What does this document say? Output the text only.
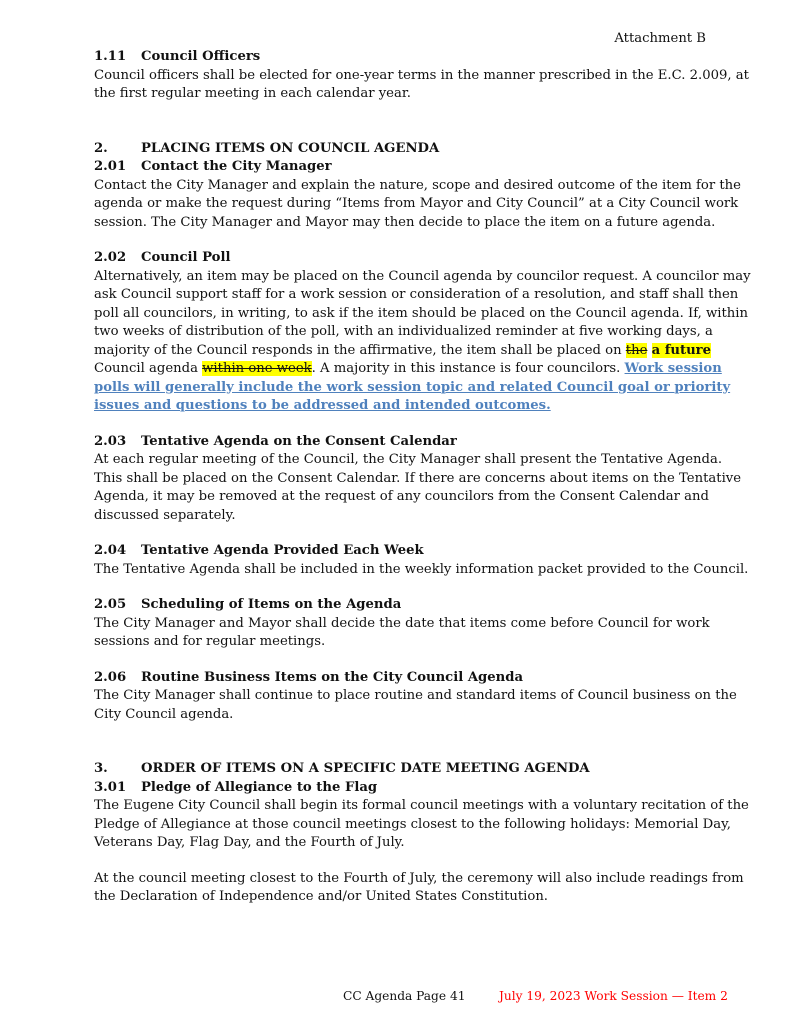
Attachment B

1.11 Council Officers

Council officers shall be elected for one-year terms in the manner prescribed in the E.C. 2.009, at the first regular meeting in each calendar year.

2.	PLACING ITEMS ON COUNCIL AGENDA

2.01 Contact the City Manager

Contact the City Manager and explain the nature, scope and desired outcome of the item for the agenda or make the request during “Items from Mayor and City Council” at a City Council work session. The City Manager and Mayor may then decide to place the item on a future agenda.

2.02 Council Poll

Alternatively, an item may be placed on the Council agenda by councilor request. A councilor may ask Council support staff for a work session or consideration of a resolution, and staff shall then poll all councilors, in writing, to ask if the item should be placed on the Council agenda. If, within two weeks of distribution of the poll, with an individualized reminder at five working days, a majority of the Council responds in the affirmative, the item shall be placed on the a future Council agenda within one week. A majority in this instance is four councilors. Work session polls will generally include the work session topic and related Council goal or priority issues and questions to be addressed and intended outcomes.

2.03 Tentative Agenda on the Consent Calendar

At each regular meeting of the Council, the City Manager shall present the Tentative Agenda. This shall be placed on the Consent Calendar. If there are concerns about items on the Tentative Agenda, it may be removed at the request of any councilors from the Consent Calendar and discussed separately.

2.04 Tentative Agenda Provided Each Week

The Tentative Agenda shall be included in the weekly information packet provided to the Council.

2.05 Scheduling of Items on the Agenda

The City Manager and Mayor shall decide the date that items come before Council for work sessions and for regular meetings.

2.06 Routine Business Items on the City Council Agenda

The City Manager shall continue to place routine and standard items of Council business on the City Council agenda.

3.	ORDER OF ITEMS ON A SPECIFIC DATE MEETING AGENDA

3.01 Pledge of Allegiance to the Flag

The Eugene City Council shall begin its formal council meetings with a voluntary recitation of the Pledge of Allegiance at those council meetings closest to the following holidays: Memorial Day, Veterans Day, Flag Day, and the Fourth of July.

At the council meeting closest to the Fourth of July, the ceremony will also include readings from the Declaration of Independence and/or United States Constitution.

CC Agenda Page 41	July 19, 2023 Work Session — Item 2
